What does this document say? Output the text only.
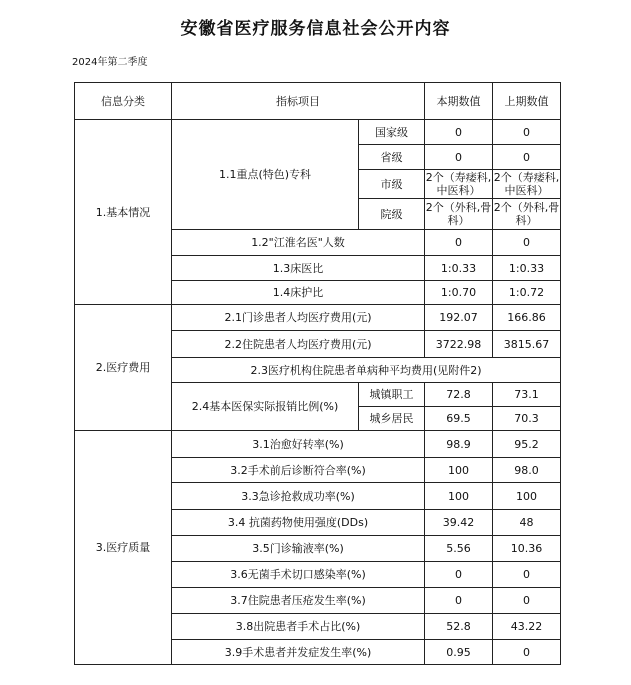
安徽省医疗服务信息社会公开内容
2024年第二季度
信息分类	指标项目		本期数值	上期数值
1.基本情况	1.1重点(特色)专科	国家级	0	0
		省级	0	0
		市级	2个（寿痿科,中医科）	2个（寿痿科,中医科）
		院级	2个（外科,骨科）	2个（外科,骨科）
	1.2"江淮名医"人数		0	0
	1.3床医比		1:0.33	1:0.33
	1.4床护比		1:0.70	1:0.72
2.医疗费用	2.1门诊患者人均医疗费用(元)		192.07	166.86
	2.2住院患者人均医疗费用(元)		3722.98	3815.67
	2.3医疗机构住院患者单病种平均费用(见附件2)			
	2.4基本医保实际报销比例(%)	城镇职工	72.8	73.1
		城乡居民	69.5	70.3
3.医疗质量	3.1治愈好转率(%)		98.9	95.2
	3.2手术前后诊断符合率(%)		100	98.0
	3.3急诊抢救成功率(%)		100	100
	3.4 抗菌药物使用强度(DDs)		39.42	48
	3.5门诊输液率(%)		5.56	10.36
	3.6无菌手术切口感染率(%)		0	0
	3.7住院患者压疮发生率(%)		0	0
	3.8出院患者手术占比(%)		52.8	43.22
	3.9手术患者并发症发生率(%)		0.95	0
